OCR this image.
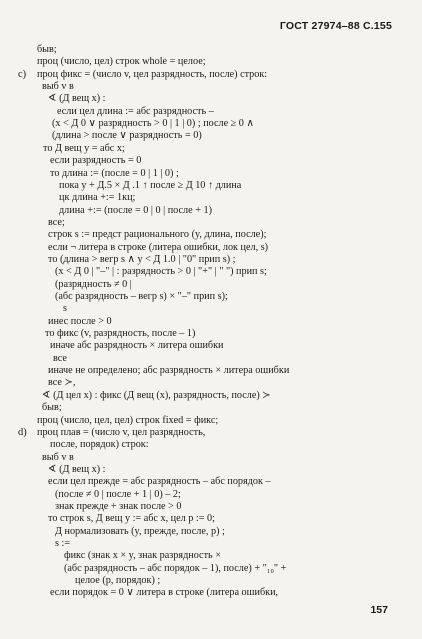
ГОСТ 27974–88 С.155
быв;
проц (число, цел) строк whole = целое;
c) проц фикс = (число v, цел разрядность, после) строк:
выб v в
∢ (Д вещ x) :
если цел длина := абс разрядность –
(x < Д 0 ∨ разрядность > 0 | 1 | 0) ; после ≥ 0 ∧
(длина > после ∨ разрядность = 0)
то Д вещ y = абс x;
если разрядность = 0
то длина := (после = 0 | 1 | 0) ;
пока y + Д.5 × Д .1 ↑ после ≥ Д 10 ↑ длина
цк длина +:= 1кц;
длина +:= (после = 0 | 0 | после + 1)
все;
строк s := предст рационального (y, длина, после);
если ¬ литера в строке (литера ошибки, лок цел, s)
то (длина > вегр s ∧ y < Д 1.0 | "0" прип s) ;
(x < Д 0 | "–" | : разрядность > 0 | "+" | " ") прип s;
(разрядность ≠ 0 |
(абс разрядность – вегр s) × "–" прип s);
s
инес после > 0
то фикс (v, разрядность, после – 1)
иначе абс разрядность × литера ошибки
все
иначе не определено; абс разрядность × литера ошибки
все ≻,
∢ (Д цел x) : фикс (Д вещ (x), разрядность, после) ≻
быв;
проц (число, цел, цел) строк fixed = фикс;
d) проц плав = (число v, цел разрядность,
после, порядок) строк:
выб v в
∢ (Д вещ x) :
если цел прежде = абс разрядность – абс порядок –
(после ≠ 0 | после + 1 | 0) – 2;
знак прежде + знак после > 0
то строк s, Д вещ y := абс x, цел p := 0;
Д нормализовать (y, прежде, после, p) ;
s :=
фикс (знак x × y, знак разрядность ×
(абс разрядность – абс порядок – 1), после) + "₁₀" +
целое (p, порядок) ;
если порядок = 0 ∨ литера в строке (литера ошибки,
157
